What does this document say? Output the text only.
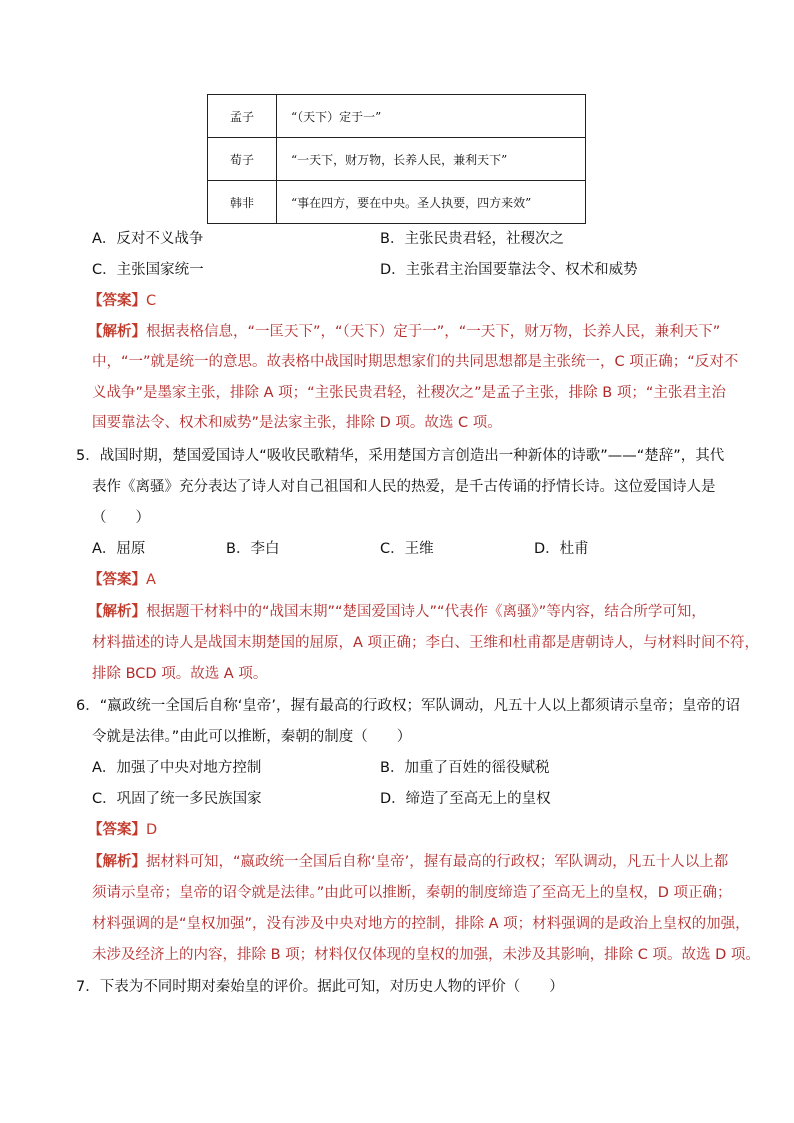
孟子	“（天下）定于一”
荀子	“一天下，财万物，长养人民，兼利天下”
韩非	“事在四方，要在中央。圣人执要，四方来效”
A．反对不义战争	B．主张民贵君轻，社稷次之
C．主张国家统一	D．主张君主治国要靠法令、权术和威势
【答案】C
【解析】根据表格信息，“一匡天下”，“（天下）定于一”，“一天下，财万物，长养人民，兼利天下”
中，“一”就是统一的意思。故表格中战国时期思想家们的共同思想都是主张统一，C 项正确；“反对不
义战争”是墨家主张，排除 A 项；“主张民贵君轻，社稷次之”是孟子主张，排除 B 项；“主张君主治
国要靠法令、权术和威势”是法家主张，排除 D 项。故选 C 项。
5．战国时期，楚国爱国诗人“吸收民歌精华，采用楚国方言创造出一种新体的诗歌”——“楚辞”，其代
表作《离骚》充分表达了诗人对自己祖国和人民的热爱，是千古传诵的抒情长诗。这位爱国诗人是
（　　）
A．屈原	B．李白	C．王维	D．杜甫
【答案】A
【解析】根据题干材料中的“战国末期”“楚国爱国诗人”“代表作《离骚》”等内容，结合所学可知，
材料描述的诗人是战国末期楚国的屈原，A 项正确；李白、王维和杜甫都是唐朝诗人，与材料时间不符，
排除 BCD 项。故选 A 项。
6．“嬴政统一全国后自称‘皇帝’，握有最高的行政权；军队调动，凡五十人以上都须请示皇帝；皇帝的诏
令就是法律。”由此可以推断，秦朝的制度（　　）
A．加强了中央对地方控制	B．加重了百姓的徭役赋税
C．巩固了统一多民族国家	D．缔造了至高无上的皇权
【答案】D
【解析】据材料可知，“嬴政统一全国后自称‘皇帝’，握有最高的行政权；军队调动，凡五十人以上都
须请示皇帝；皇帝的诏令就是法律。”由此可以推断，秦朝的制度缔造了至高无上的皇权，D 项正确；
材料强调的是“皇权加强”，没有涉及中央对地方的控制，排除 A 项；材料强调的是政治上皇权的加强，
未涉及经济上的内容，排除 B 项；材料仅仅体现的皇权的加强，未涉及其影响，排除 C 项。故选 D 项。
7．下表为不同时期对秦始皇的评价。据此可知，对历史人物的评价（　　）
